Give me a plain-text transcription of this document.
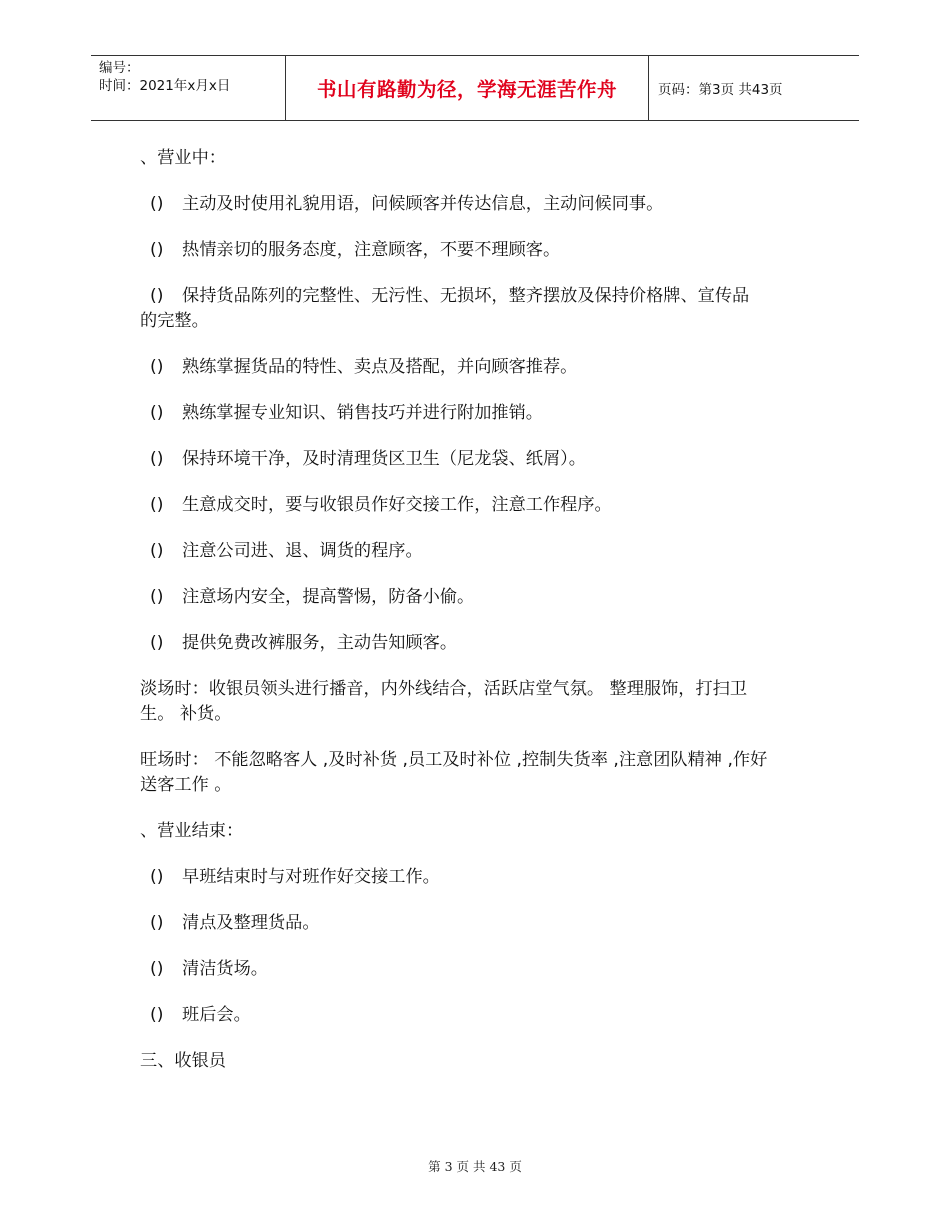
编号：
时间：2021年x月x日	书山有路勤为径，学海无涯苦作舟	页码：第3页 共43页

、营业中：

()	主动及时使用礼貌用语，问候顾客并传达信息，主动问候同事。
()	热情亲切的服务态度，注意顾客，不要不理顾客。
()	保持货品陈列的完整性、无污性、无损坏，整齐摆放及保持价格牌、宣传品
的完整。
()	熟练掌握货品的特性、卖点及搭配，并向顾客推荐。
()	熟练掌握专业知识、销售技巧并进行附加推销。
()	保持环境干净，及时清理货区卫生（尼龙袋、纸屑）。
()	生意成交时，要与收银员作好交接工作，注意工作程序。
()	注意公司进、退、调货的程序。
()	注意场内安全，提高警惕，防备小偷。
()	提供免费改裤服务，主动告知顾客。
淡场时：收银员领头进行播音，内外线结合，活跃店堂气氛。 整理服饰，打扫卫
生。 补货。
旺场时： 不能忽略客人 ,及时补货 ,员工及时补位 ,控制失货率 ,注意团队精神 ,作好
送客工作 。

、营业结束：

()	早班结束时与对班作好交接工作。
()	清点及整理货品。
()	清洁货场。
()	班后会。

三、收银员

第 3 页 共 43 页
